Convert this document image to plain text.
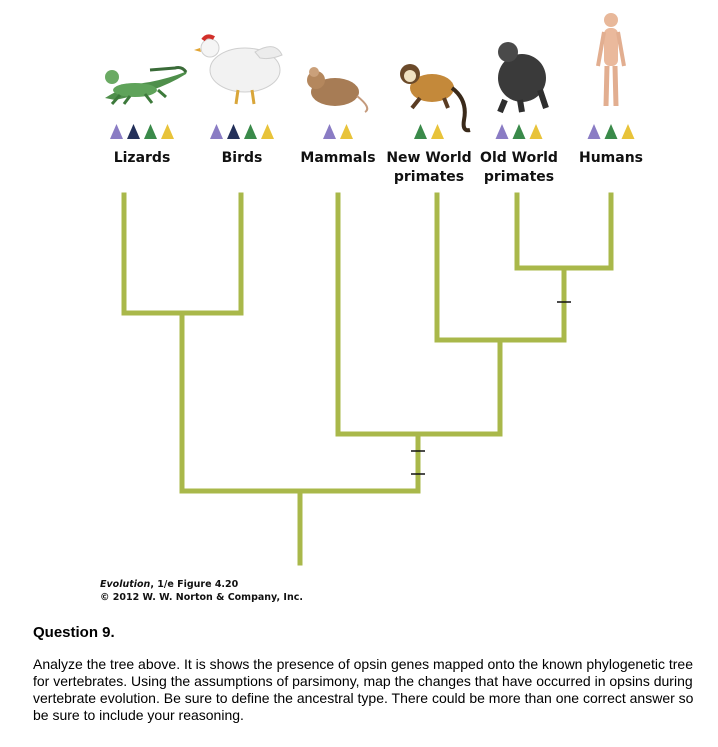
Lizards	Birds	Mammals New World
primates
Old World
primates
Humans
Evolution, 1/e Figure 4.20
© 2012 W. W. Norton & Company, Inc.
Question 9.
Analyze the tree above. It is shows the presence of opsin genes mapped onto the known phylogenetic tree for vertebrates. Using the assumptions of parsimony, map the changes that have occurred in opsins during vertebrate evolution. Be sure to define the ancestral type. There could be more than one correct answer so be sure to include your reasoning.
